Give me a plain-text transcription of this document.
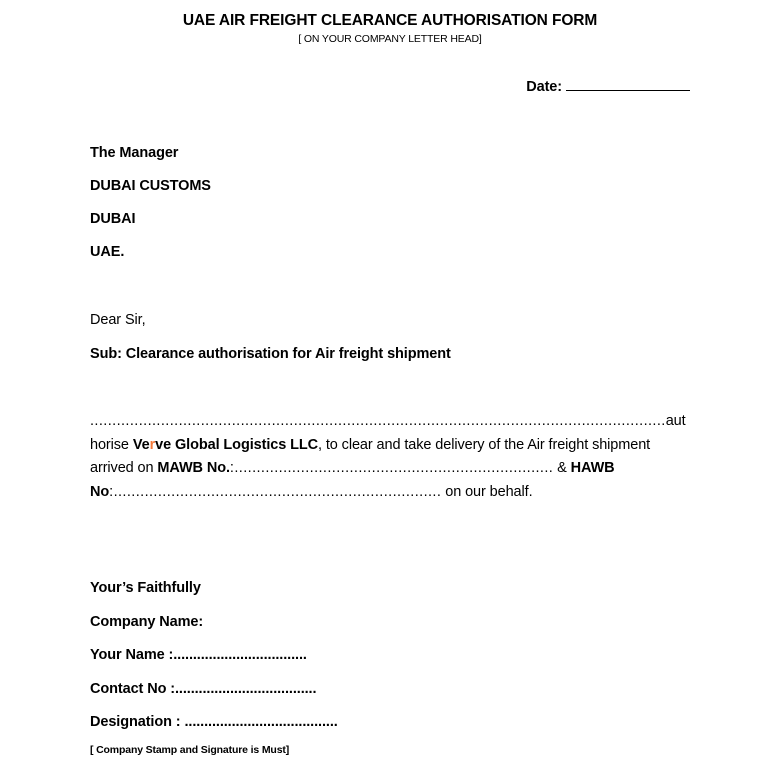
UAE AIR FREIGHT CLEARANCE AUTHORISATION FORM
[ ON YOUR COMPANY LETTER HEAD]
Date:
The Manager
DUBAI CUSTOMS
DUBAI
UAE.
Dear Sir,
Sub: Clearance authorisation for Air freight shipment
..................................................................................................................................authorise Verve Global Logistics LLC, to clear and take delivery of the Air freight shipment arrived on MAWB No.:........................................................................ & HAWB No:.......................................................................... on our behalf.
Your’s Faithfully
Company Name:
Your Name :..................................
Contact No :....................................
Designation : .......................................
[ Company Stamp and Signature is Must]
